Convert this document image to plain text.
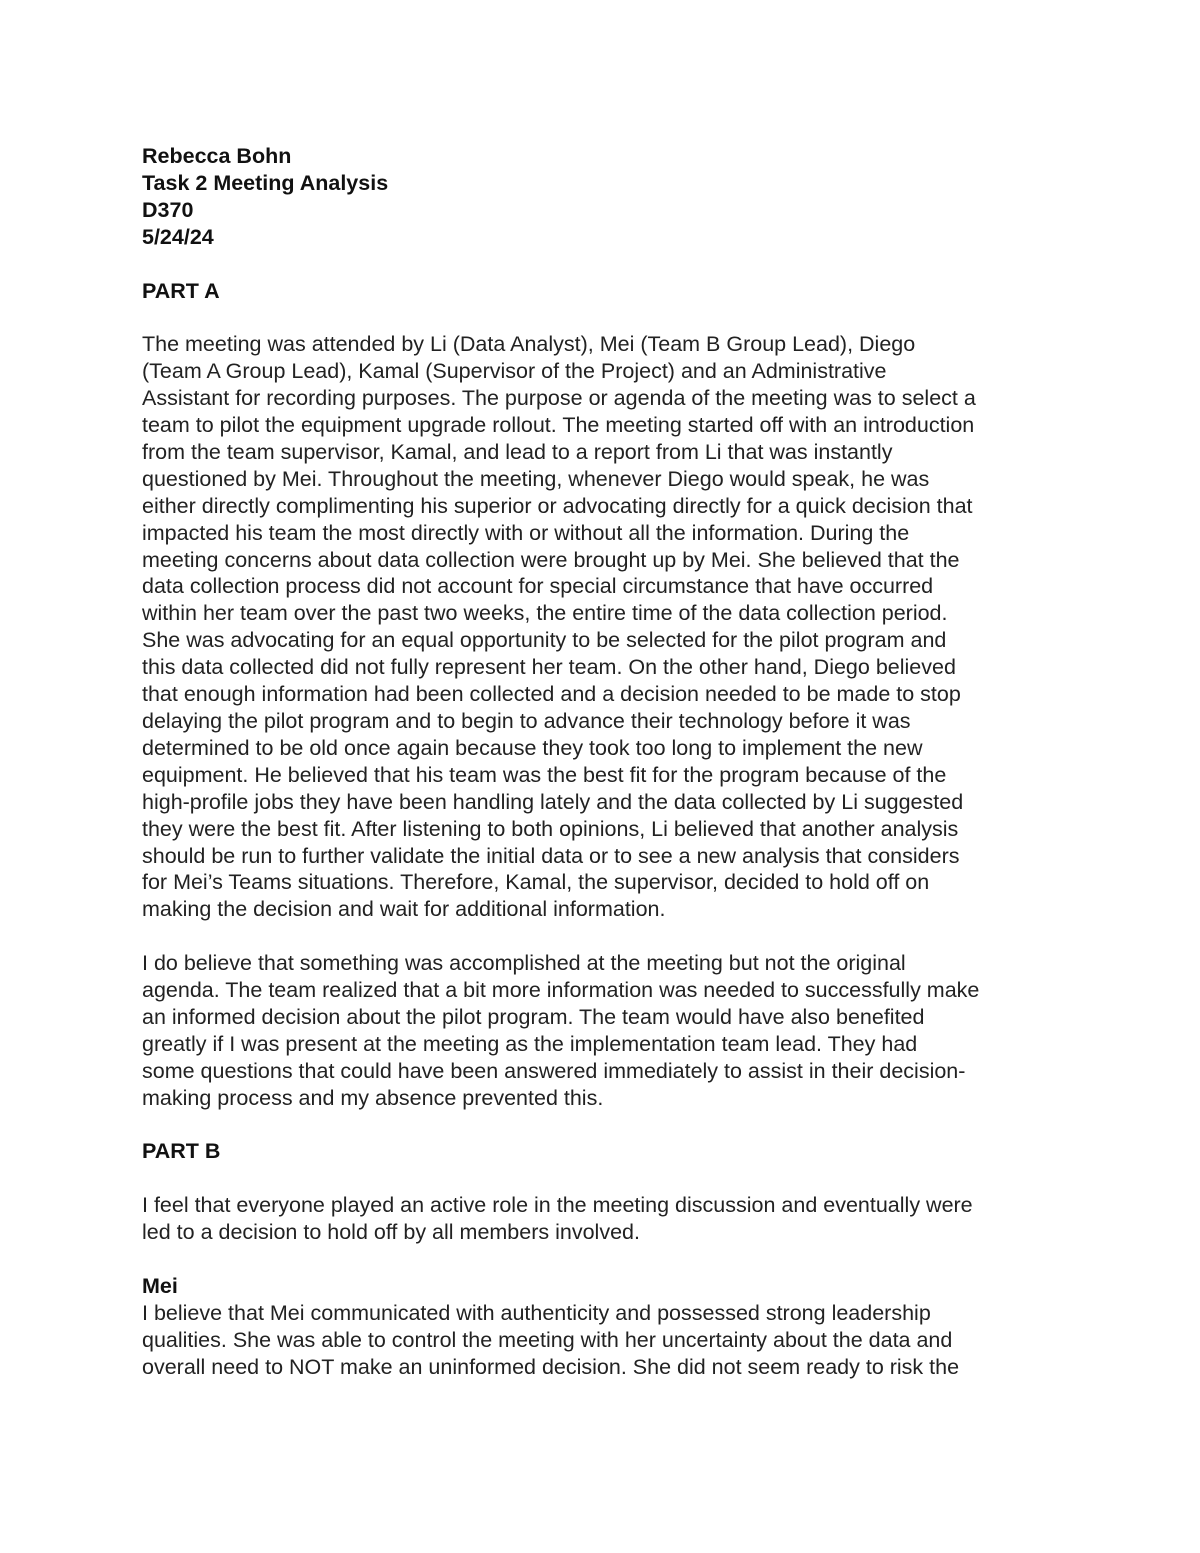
Rebecca Bohn

Task 2 Meeting Analysis

D370

5/24/24

PART A

The meeting was attended by Li (Data Analyst), Mei (Team B Group Lead), Diego
(Team A Group Lead), Kamal (Supervisor of the Project) and an Administrative
Assistant for recording purposes. The purpose or agenda of the meeting was to select a
team to pilot the equipment upgrade rollout. The meeting started off with an introduction
from the team supervisor, Kamal, and lead to a report from Li that was instantly
questioned by Mei. Throughout the meeting, whenever Diego would speak, he was
either directly complimenting his superior or advocating directly for a quick decision that
impacted his team the most directly with or without all the information. During the
meeting concerns about data collection were brought up by Mei. She believed that the
data collection process did not account for special circumstance that have occurred
within her team over the past two weeks, the entire time of the data collection period.
She was advocating for an equal opportunity to be selected for the pilot program and
this data collected did not fully represent her team. On the other hand, Diego believed
that enough information had been collected and a decision needed to be made to stop
delaying the pilot program and to begin to advance their technology before it was
determined to be old once again because they took too long to implement the new
equipment. He believed that his team was the best fit for the program because of the
high-profile jobs they have been handling lately and the data collected by Li suggested
they were the best fit. After listening to both opinions, Li believed that another analysis
should be run to further validate the initial data or to see a new analysis that considers
for Mei’s Teams situations. Therefore, Kamal, the supervisor, decided to hold off on
making the decision and wait for additional information.

I do believe that something was accomplished at the meeting but not the original
agenda. The team realized that a bit more information was needed to successfully make
an informed decision about the pilot program. The team would have also benefited
greatly if I was present at the meeting as the implementation team lead. They had
some questions that could have been answered immediately to assist in their decision-
making process and my absence prevented this.

PART B

I feel that everyone played an active role in the meeting discussion and eventually were
led to a decision to hold off by all members involved.

Mei

I believe that Mei communicated with authenticity and possessed strong leadership
qualities. She was able to control the meeting with her uncertainty about the data and
overall need to NOT make an uninformed decision. She did not seem ready to risk the
